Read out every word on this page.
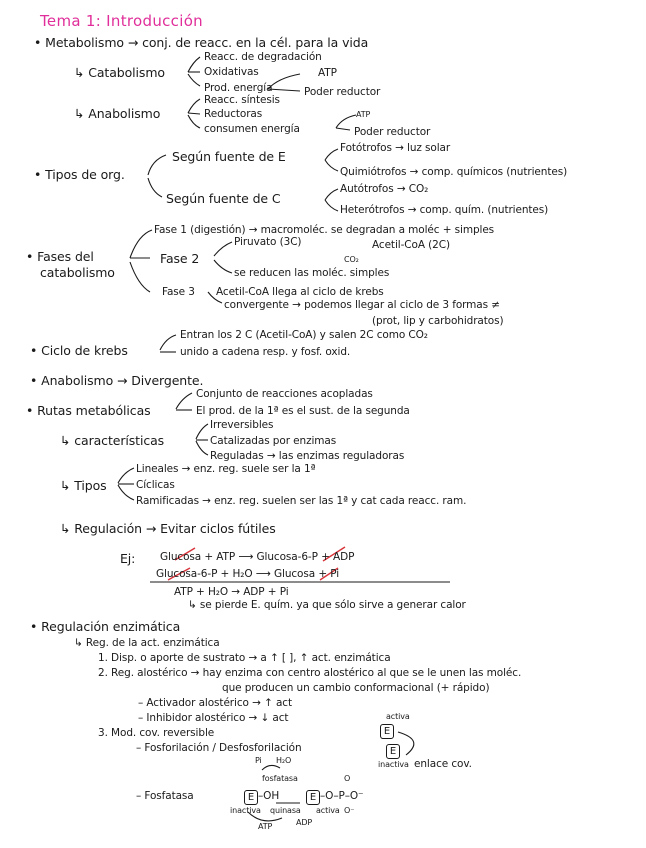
Tema 1: Introducción
• Metabolismo → conj. de reacc. en la cél. para la vida
Reacc. de degradación
↳ Catabolismo	Oxidativas	ATP
Prod. energía	Poder reductor
Reacc. síntesis
↳ Anabolismo	Reductoras	ATP
consumen energía	Poder reductor
• Tipos de org.
Según fuente de E
Fotótrofos → luz solar
Quimiótrofos → comp. químicos (nutrientes)
Según fuente de C
Autótrofos → CO₂
Heterótrofos → comp. quím. (nutrientes)
• Fases del
catabolismo
Fase 1 (digestión) → macromoléc. se degradan a moléc + simples
Fase 2
Piruvato (3C)	Acetil-CoA (2C)
CO₂
se reducen las moléc. simples
Fase 3 Acetil-CoA llega al ciclo de krebs
convergente → podemos llegar al ciclo de 3 formas ≠
(prot, lip y carbohidratos)
• Ciclo de krebs
Entran los 2 C (Acetil-CoA) y salen 2C como CO₂
unido a cadena resp. y fosf. oxid.
• Anabolismo → Divergente.
• Rutas metabólicas
Conjunto de reacciones acopladas
El prod. de la 1ª es el sust. de la segunda
↳ características
Irreversibles
Catalizadas por enzimas
Reguladas → las enzimas reguladoras
↳ Tipos
Lineales → enz. reg. suele ser la 1ª
Cíclicas
Ramificadas → enz. reg. suelen ser las 1ª y cat cada reacc. ram.
↳ Regulación → Evitar ciclos fútiles
Ej: Glucosa + ATP ⟶ Glucosa-6-P + ADP
Glucosa-6-P + H₂O ⟶ Glucosa + Pi
ATP + H₂O → ADP + Pi
↳ se pierde E. quím. ya que sólo sirve a generar calor
• Regulación enzimática
↳ Reg. de la act. enzimática
1. Disp. o aporte de sustrato → a ↑ [ ], ↑ act. enzimática
2. Reg. alostérico → hay enzima con centro alostérico al que se le unen las moléc.
que producen un cambio conformacional (+ rápido)
– Activador alostérico → ↑ act
– Inhibidor alostérico → ↓ act
3. Mod. cov. reversible
– Fosforilación / Desfosforilación
activa
E
E
inactiva enlace cov.
Pi H₂O
fosfatasa
– Fosfatasa	E –OH	E –O–P–O⁻
O
O⁻
inactiva quinasa activa
ATP	ADP
